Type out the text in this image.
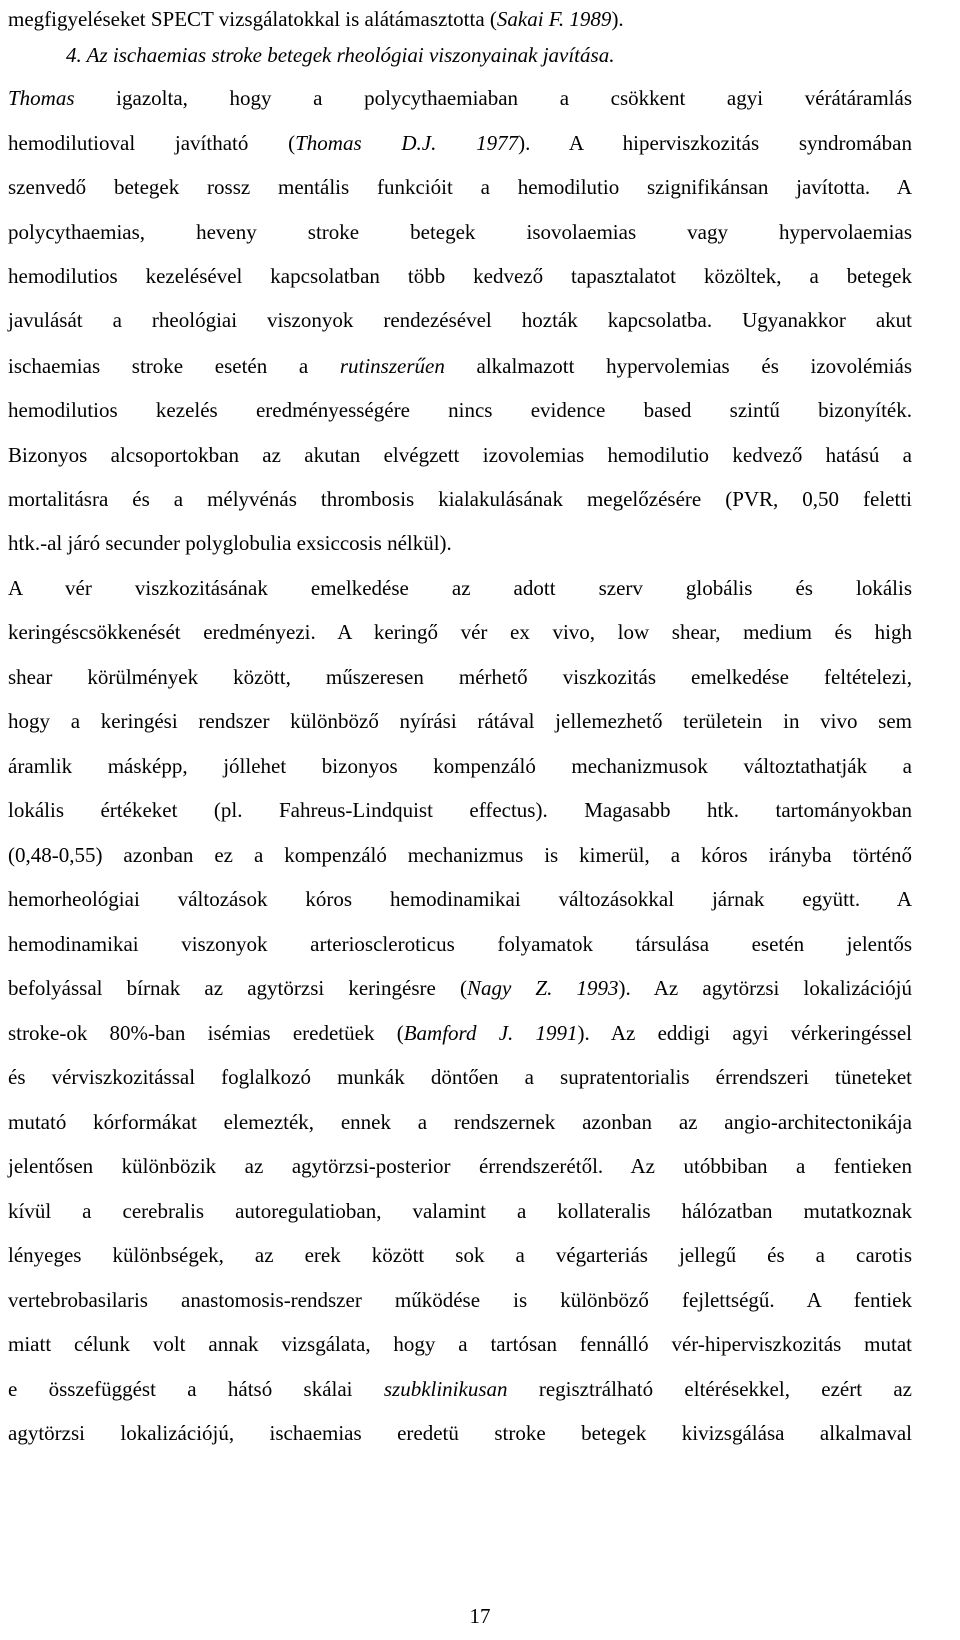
megfigyeléseket SPECT vizsgálatokkal is alátámasztotta (Sakai F. 1989).
4. Az ischaemias stroke betegek rheológiai viszonyainak javítása.
Thomas igazolta, hogy a polycythaemiaban a csökkent agyi vérátáramlás
hemodilutioval javítható (Thomas D.J. 1977). A hiperviszkozitás syndromában
szenvedő betegek rossz mentális funkcióit a hemodilutio szignifikánsan javította. A
polycythaemias, heveny stroke betegek isovolaemias vagy hypervolaemias
hemodilutios kezelésével kapcsolatban több kedvező tapasztalatot közöltek, a betegek
javulását a rheológiai viszonyok rendezésével hozták kapcsolatba. Ugyanakkor akut
ischaemias stroke esetén a rutinszerűen alkalmazott hypervolemias és izovolémiás
hemodilutios kezelés eredményességére nincs evidence based szintű bizonyíték.
Bizonyos alcsoportokban az akutan elvégzett izovolemias hemodilutio kedvező hatású a
mortalitásra és a mélyvénás thrombosis kialakulásának megelőzésére (PVR, 0,50 feletti
htk.-al járó secunder polyglobulia exsiccosis nélkül).
A vér viszkozitásának emelkedése az adott szerv globális és lokális
keringéscsökkenését eredményezi. A keringő vér ex vivo, low shear, medium és high
shear körülmények között, műszeresen mérhető viszkozitás emelkedése feltételezi,
hogy a keringési rendszer különböző nyírási rátával jellemezhető területein in vivo sem
áramlik másképp, jóllehet bizonyos kompenzáló mechanizmusok változtathatják a
lokális értékeket (pl. Fahreus-Lindquist effectus). Magasabb htk. tartományokban
(0,48-0,55) azonban ez a kompenzáló mechanizmus is kimerül, a kóros irányba történő
hemorheológiai változások kóros hemodinamikai változásokkal járnak együtt. A
hemodinamikai viszonyok arterioscleroticus folyamatok társulása esetén jelentős
befolyással bírnak az agytörzsi keringésre (Nagy Z. 1993). Az agytörzsi lokalizációjú
stroke-ok 80%-ban isémias eredetüek (Bamford J. 1991). Az eddigi agyi vérkeringéssel
és vérviszkozitással foglalkozó munkák döntően a supratentorialis érrendszeri tüneteket
mutató kórformákat elemezték, ennek a rendszernek azonban az angio-architectonikája
jelentősen különbözik az agytörzsi-posterior érrendszerétől. Az utóbbiban a fentieken
kívül a cerebralis autoregulatioban, valamint a kollateralis hálózatban mutatkoznak
lényeges különbségek, az erek között sok a végarteriás jellegű és a carotis
vertebrobasilaris anastomosis-rendszer működése is különböző fejlettségű. A fentiek
miatt célunk volt annak vizsgálata, hogy a tartósan fennálló vér-hiperviszkozitás mutat
e összefüggést a hátsó skálai szubklinikusan regisztrálható eltérésekkel, ezért az
agytörzsi lokalizációjú, ischaemias eredetü stroke betegek kivizsgálása alkalmaval
17
